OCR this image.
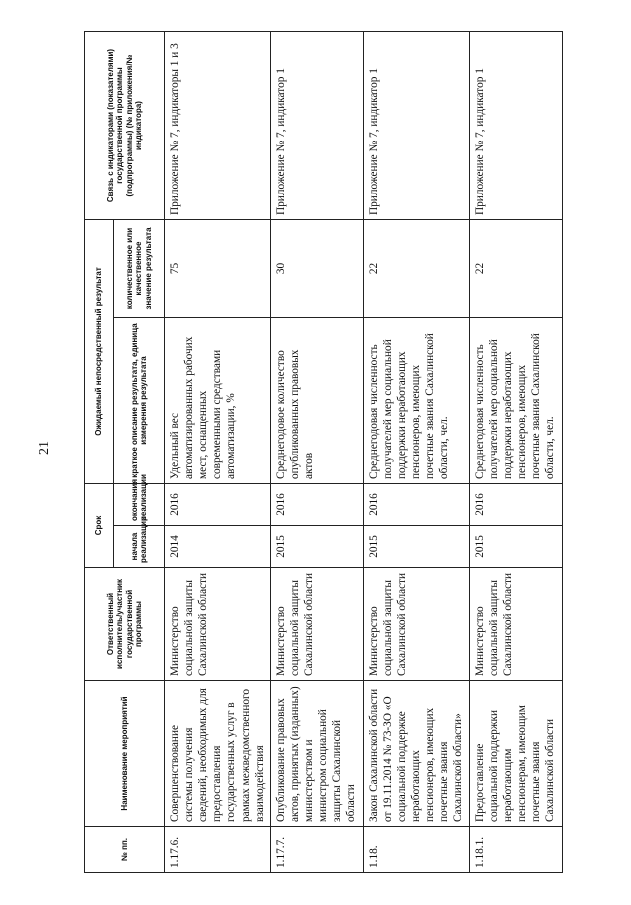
21
№ пп.	Наименование мероприятий	Ответственный исполнитель/участник государственной программы	Срок		Ожидаемый непосредственный результат		Связь с индикаторами (показателями) государственной программы (подпрограммы) (№ приложения/№ индикатора)
			начала реализации	окончания реализации	краткое описание результата, единица измерения результата	количественное или качественное значение результата	
1.17.6.	Совершенствование системы получения сведений, необходимых для предоставления государственных услуг в рамках межведомственного взаимодействия	Министерство социальной защиты Сахалинской области	2014	2016	Удельный вес автоматизированных рабочих мест, оснащенных современными средствами автоматизации, %	75	Приложение № 7, индикаторы 1 и 3
1.17.7.	Опубликование правовых актов, принятых (изданных) министерством и министром социальной защиты Сахалинской области	Министерство социальной защиты Сахалинской области	2015	2016	Среднегодовое количество опубликованных правовых актов	30	Приложение № 7, индикатор 1
1.18.	Закон Сахалинской области от 19.11.2014 № 73-ЗО «О социальной поддержке неработающих пенсионеров, имеющих почетные звания Сахалинской области»	Министерство социальной защиты Сахалинской области	2015	2016	Среднегодовая численность получателей мер социальной поддержки неработающих пенсионеров, имеющих почетные звания Сахалинской области, чел.	22	Приложение № 7, индикатор 1
1.18.1.	Предоставление социальной поддержки неработающим пенсионерам, имеющим почетные звания Сахалинской области	Министерство социальной защиты Сахалинской области	2015	2016	Среднегодовая численность получателей мер социальной поддержки неработающих пенсионеров, имеющих почетные звания Сахалинской области, чел.	22	Приложение № 7, индикатор 1
